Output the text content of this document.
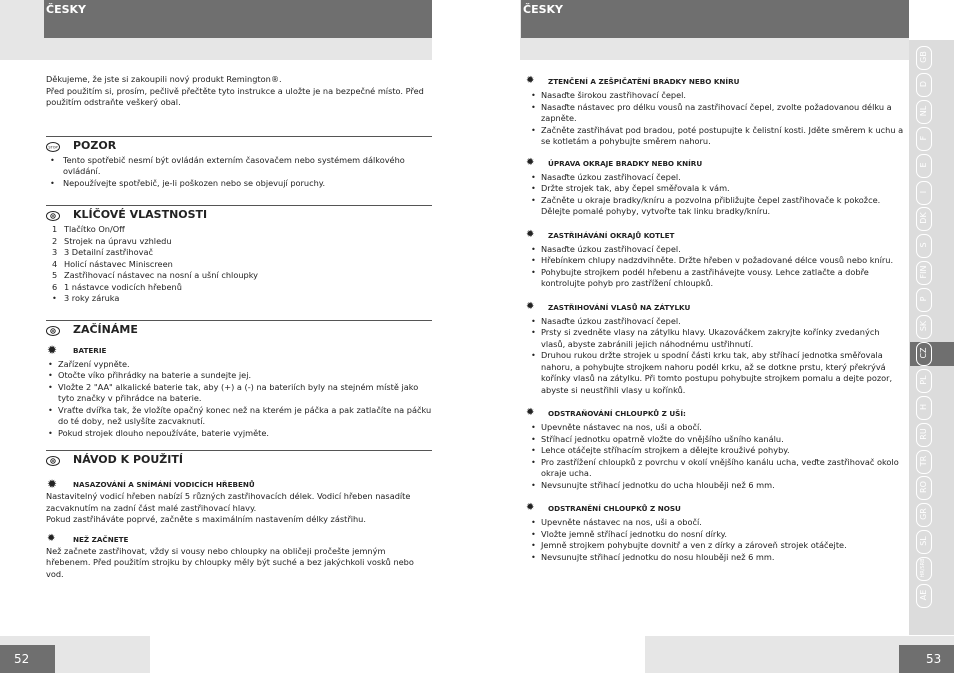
ČESKY	ČESKY

Děkujeme, že jste si zakoupili nový produkt Remington®.
Před použitím si, prosím, pečlivě přečtěte tyto instrukce a uložte je na bezpečné místo. Před použitím odstraňte veškerý obal.

STOP POZOR
• Tento spotřebič nesmí být ovládán externím časovačem nebo systémem dálkového ovládání.
• Nepoužívejte spotřebič, je-li poškozen nebo se objevují poruchy.
KLÍČOVÉ VLASTNOSTI
1 Tlačítko On/Off
2 Strojek na úpravu vzhledu
3 3 Detailní zastřihovač
4 Holicí nástavec Miniscreen
5 Zastřihovací nástavec na nosní a ušní chloupky
6 1 nástavce vodicích hřebenů
• 3 roky záruka
ZAČÍNÁME
✹ BATERIE
• Zařízení vypněte.
• Otočte víko přihrádky na baterie a sundejte jej.
• Vložte 2 "AA" alkalické baterie tak, aby (+) a (-) na bateriích byly na stejném místě jako tyto značky v přihrádce na baterie.
• Vraťte dvířka tak, že vložíte opačný konec než na kterém je páčka a pak zatlačíte na páčku do té doby, než uslyšíte zacvaknutí.
• Pokud strojek dlouho nepoužíváte, baterie vyjměte.
NÁVOD K POUŽITÍ
✹ NASAZOVÁNÍ A SNÍMÁNÍ VODICÍCH HŘEBENŮ

Nastavitelný vodicí hřeben nabízí 5 různých zastřihovacích délek. Vodicí hřeben nasadíte zacvaknutím na zadní část malé zastřihovací hlavy.
Pokud zastřiháváte poprvé, začněte s maximálním nastavením délky zástřihu.

✹ NEŽ ZAČNETE

Než začnete zastřihovat, vždy si vousy nebo chloupky na obličeji pročešte jemným hřebenem. Před použitím strojku by chloupky měly být suché a bez jakýchkoli vosků nebo vod.

✹ ZTENČENÍ A ZEŠPIČATĚNÍ BRADKY NEBO KNÍRU
• Nasaďte širokou zastřihovací čepel.
• Nasaďte nástavec pro délku vousů na zastřihovací čepel, zvolte požadovanou délku a zapněte.
• Začněte zastřihávat pod bradou, poté postupujte k čelistní kosti. Jděte směrem k uchu a se kotletám a pohybujte směrem nahoru.
✹ ÚPRAVA OKRAJE BRADKY NEBO KNÍRU
• Nasaďte úzkou zastřihovací čepel.
• Držte strojek tak, aby čepel směřovala k vám.
• Začněte u okraje bradky/kníru a pozvolna přibližujte čepel zastřihovače k pokožce. Dělejte pomalé pohyby, vytvořte tak linku bradky/kníru.
✹ ZASTŘIHÁVÁNÍ OKRAJŮ KOTLET
• Nasaďte úzkou zastřihovací čepel.
• Hřebínkem chlupy nadzdvihněte. Držte hřeben v požadované délce vousů nebo kníru.
• Pohybujte strojkem podél hřebenu a zastřihávejte vousy. Lehce zatlačte a dobře kontrolujte pohyb pro zastřížení chloupků.
✹ ZASTŘIHOVÁNÍ VLASŮ NA ZÁTYLKU
• Nasaďte úzkou zastřihovací čepel.
• Prsty si zvedněte vlasy na zátylku hlavy. Ukazováčkem zakryjte kořínky zvedaných vlasů, abyste zabránili jejich náhodnému ustřihnutí.
• Druhou rukou držte strojek u spodní části krku tak, aby stříhací jednotka směřovala nahoru, a pohybujte strojkem nahoru podél krku, až se dotkne prstu, který překrývá kořínky vlasů na zátylku. Při tomto postupu pohybujte strojkem pomalu a dejte pozor, abyste si neustřihli vlasy u kořínků.
✹ ODSTRAŇOVÁNÍ CHLOUPKŮ Z UŠÍ:
• Upevněte nástavec na nos, uši a obočí.
• Stříhací jednotku opatrně vložte do vnějšího ušního kanálu.
• Lehce otáčejte stříhacím strojkem a dělejte krouživé pohyby.
• Pro zastřížení chloupků z povrchu v okolí vnějšího kanálu ucha, veďte zastřihovač okolo okraje ucha.
• Nevsunujte střihací jednotku do ucha hlouběji než 6 mm.
✹ ODSTRANĚNÍ CHLOUPKŮ Z NOSU
• Upevněte nástavec na nos, uši a obočí.
• Vložte jemně stříhací jednotku do nosní dírky.
• Jemně strojkem pohybujte dovnitř a ven z dírky a zároveň strojek otáčejte.
• Nevsunujte střihací jednotku do nosu hlouběji než 6 mm.
GB
D
NL
F
E
I
DK
S
FIN
P
SK
CZ
PL
H
RU
TR
RO
GR
SL
HR/SRB
AE
52	53
